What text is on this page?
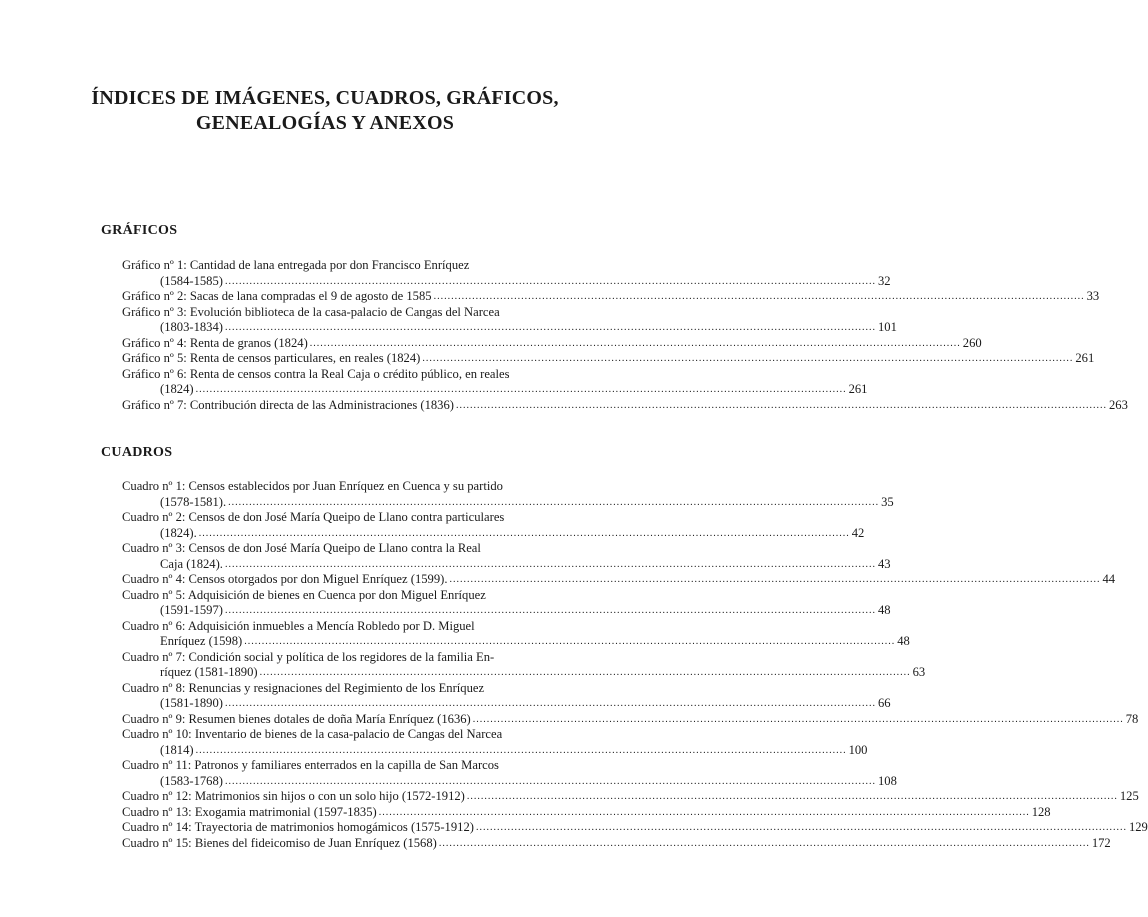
ÍNDICES DE IMÁGENES, CUADROS, GRÁFICOS,
GENEALOGÍAS Y ANEXOS
GRÁFICOS
Gráfico nº 1: Cantidad de lana entregada por don Francisco Enríquez
(1584-1585) .....	32
Gráfico nº 2: Sacas de lana compradas el 9 de agosto de 1585 .....	33
Gráfico nº 3: Evolución biblioteca de la casa-palacio de Cangas del Narcea
(1803-1834) .....	101
Gráfico nº 4: Renta de granos (1824) .....	260
Gráfico nº 5: Renta de censos particulares, en reales (1824) .....	261
Gráfico nº 6: Renta de censos contra la Real Caja o crédito público, en reales
(1824) .....	261
Gráfico nº 7: Contribución directa de las Administraciones (1836) .....	263
CUADROS
Cuadro nº 1: Censos establecidos por Juan Enríquez en Cuenca y su partido
(1578-1581). .....	35
Cuadro nº 2: Censos de don José María Queipo de Llano contra particulares
(1824). .....	42
Cuadro nº 3: Censos de don José María Queipo de Llano contra la Real
Caja (1824). .....	43
Cuadro nº 4: Censos otorgados por don Miguel Enríquez (1599). .....	44
Cuadro nº 5: Adquisición de bienes en Cuenca por don Miguel Enríquez
(1591-1597) .....	48
Cuadro nº 6: Adquisición inmuebles a Mencía Robledo por D. Miguel
Enríquez (1598) .....	48
Cuadro nº 7: Condición social y política de los regidores de la familia En-
ríquez (1581-1890) .....	63
Cuadro nº 8: Renuncias y resignaciones del Regimiento de los Enríquez
(1581-1890) .....	66
Cuadro nº 9: Resumen bienes dotales de doña María Enríquez (1636) .....	78
Cuadro nº 10: Inventario de bienes de la casa-palacio de Cangas del Narcea
(1814) .....	100
Cuadro nº 11: Patronos y familiares enterrados en la capilla de San Marcos
(1583-1768) .....	108
Cuadro nº 12: Matrimonios sin hijos o con un solo hijo (1572-1912) .....	125
Cuadro nº 13: Exogamia matrimonial (1597-1835) .....	128
Cuadro nº 14: Trayectoria de matrimonios homogámicos (1575-1912) .....	129
Cuadro nº 15: Bienes del fideicomiso de Juan Enríquez (1568) .....	172
